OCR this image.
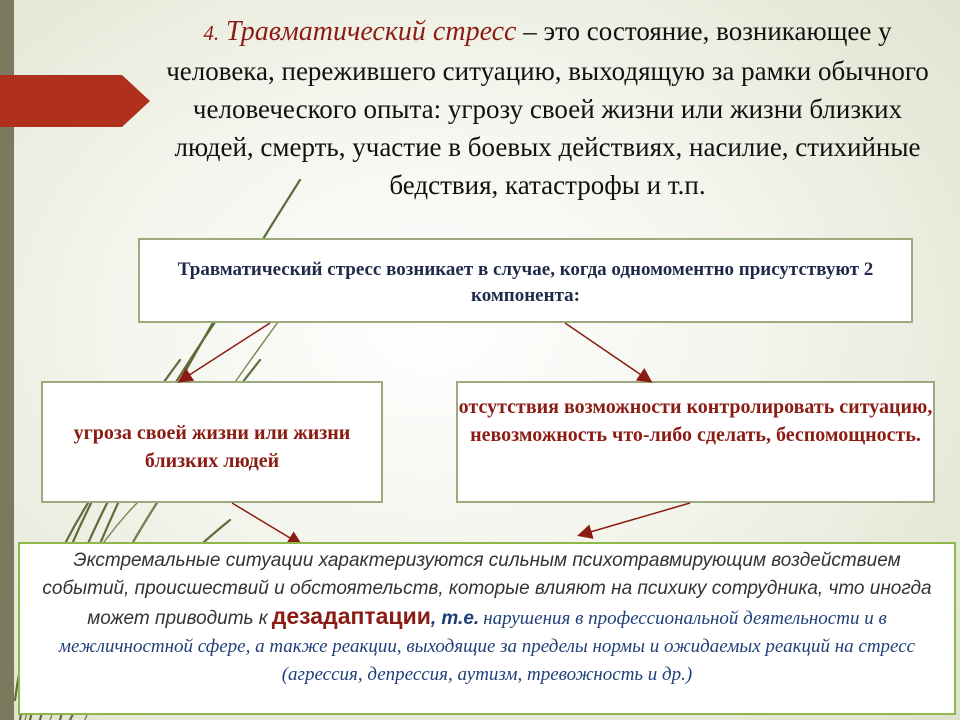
4. Травматический стресс – это состояние, возникающее у человека, пережившего ситуацию, выходящую за рамки обычного человеческого опыта: угрозу своей жизни или жизни близких людей, смерть, участие в боевых действиях, насилие, стихийные бедствия, катастрофы и т.п.
Травматический стресс возникает в случае, когда одномоментно присутствуют 2 компонента:
угроза своей жизни или жизни близких людей
отсутствия возможности контролировать ситуацию, невозможность что-либо сделать, беспомощность.
Экстремальные ситуации характеризуются сильным психотравмирующим воздействием событий, происшествий и обстоятельств, которые влияют на психику сотрудника, что иногда может приводить к дезадаптации, т.е. нарушения в профессиональной деятельности и в межличностной сфере, а также реакции, выходящие за пределы нормы и ожидаемых реакций на стресс (агрессия, депрессия, аутизм, тревожность и др.)
